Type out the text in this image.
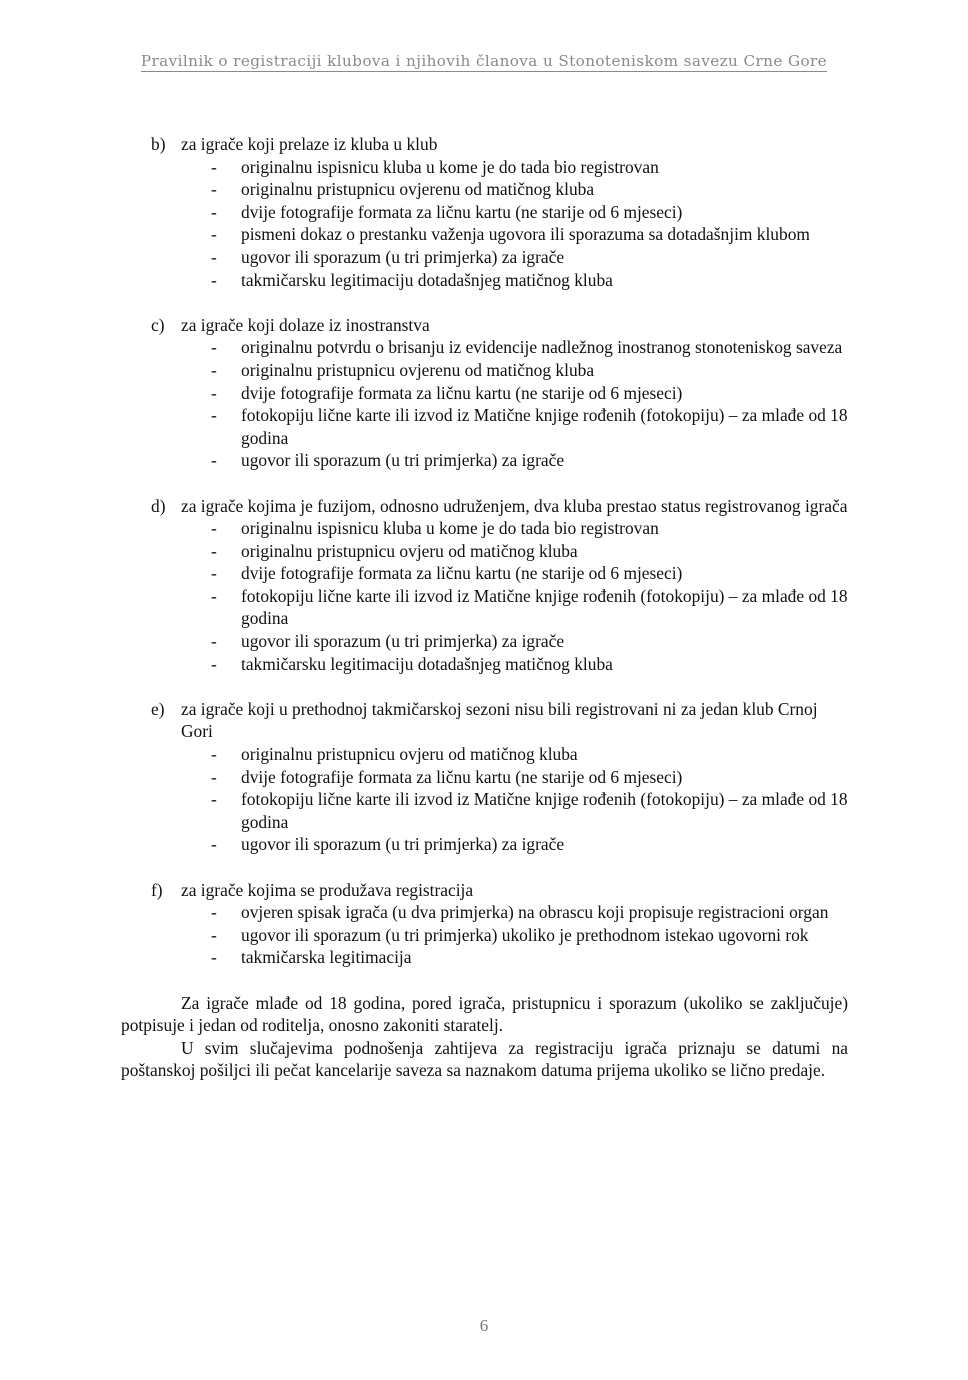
Pravilnik o registraciji klubova i njihovih članova u Stonoteniskom savezu Crne Gore
b) za igrače koji prelaze iz kluba u klub
- originalnu ispisnicu kluba u kome je do tada bio registrovan
- originalnu pristupnicu ovjerenu od matičnog kluba
- dvije fotografije formata za ličnu kartu (ne starije od 6 mjeseci)
- pismeni dokaz o prestanku važenja ugovora ili sporazuma sa dotadašnjim klubom
- ugovor ili sporazum (u tri primjerka) za igrače
- takmičarsku legitimaciju dotadašnjeg matičnog kluba
c) za igrače koji dolaze iz inostranstva
- originalnu potvrdu o brisanju iz evidencije nadležnog inostranog stonoteniskog saveza
- originalnu pristupnicu ovjerenu od matičnog kluba
- dvije fotografije formata za ličnu kartu (ne starije od 6 mjeseci)
- fotokopiju lične karte ili izvod iz Matične knjige rođenih (fotokopiju) – za mlađe od 18 godina
- ugovor ili sporazum (u tri primjerka) za igrače
d) za igrače kojima je fuzijom, odnosno udruženjem, dva kluba prestao status registrovanog igrača
- originalnu ispisnicu kluba u kome je do tada bio registrovan
- originalnu pristupnicu ovjeru od matičnog kluba
- dvije fotografije formata za ličnu kartu (ne starije od 6 mjeseci)
- fotokopiju lične karte ili izvod iz Matične knjige rođenih (fotokopiju) – za mlađe od 18 godina
- ugovor ili sporazum (u tri primjerka) za igrače
- takmičarsku legitimaciju dotadašnjeg matičnog kluba
e) za igrače koji u prethodnoj takmičarskoj sezoni nisu bili registrovani ni za jedan klub Crnoj Gori
- originalnu pristupnicu ovjeru od matičnog kluba
- dvije fotografije formata za ličnu kartu (ne starije od 6 mjeseci)
- fotokopiju lične karte ili izvod iz Matične knjige rođenih (fotokopiju) – za mlađe od 18 godina
- ugovor ili sporazum (u tri primjerka) za igrače
f) za igrače kojima se produžava registracija
- ovjeren spisak igrača (u dva primjerka) na obrascu koji propisuje registracioni organ
- ugovor ili sporazum (u tri primjerka) ukoliko je prethodnom istekao ugovorni rok
- takmičarska legitimacija

Za igrače mlađe od 18 godina, pored igrača, pristupnicu i sporazum (ukoliko se zaključuje) potpisuje i jedan od roditelja, onosno zakoniti staratelj.

U svim slučajevima podnošenja zahtijeva za registraciju igrača priznaju se datumi na poštanskoj pošiljci ili pečat kancelarije saveza sa naznakom datuma prijema ukoliko se lično predaje.

6
